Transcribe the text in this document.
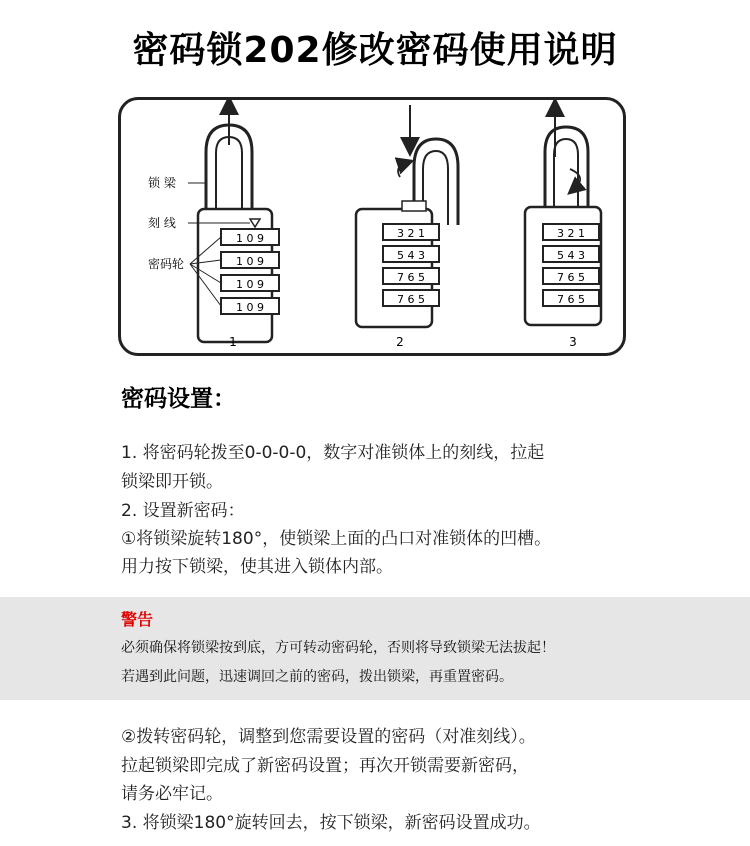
密码锁202修改密码使用说明
1 0 9
1 0 9
1 0 9
1 0 9
锁 梁
刻 线
密码轮
1
3 2 1
5 4 3
7 6 5
7 6 5
2
3 2 1
5 4 3
7 6 5
7 6 5
3
密码设置：
1. 将密码轮拨至0-0-0-0，数字对准锁体上的刻线，拉起
锁梁即开锁。
2. 设置新密码：
①将锁梁旋转180°，使锁梁上面的凸口对准锁体的凹槽。
用力按下锁梁，使其进入锁体内部。
警告
必须确保将锁梁按到底，方可转动密码轮，否则将导致锁梁无法拔起！
若遇到此问题，迅速调回之前的密码，拨出锁梁，再重置密码。
②拨转密码轮，调整到您需要设置的密码（对准刻线）。
拉起锁梁即完成了新密码设置；再次开锁需要新密码，
请务必牢记。
3. 将锁梁180°旋转回去，按下锁梁，新密码设置成功。
